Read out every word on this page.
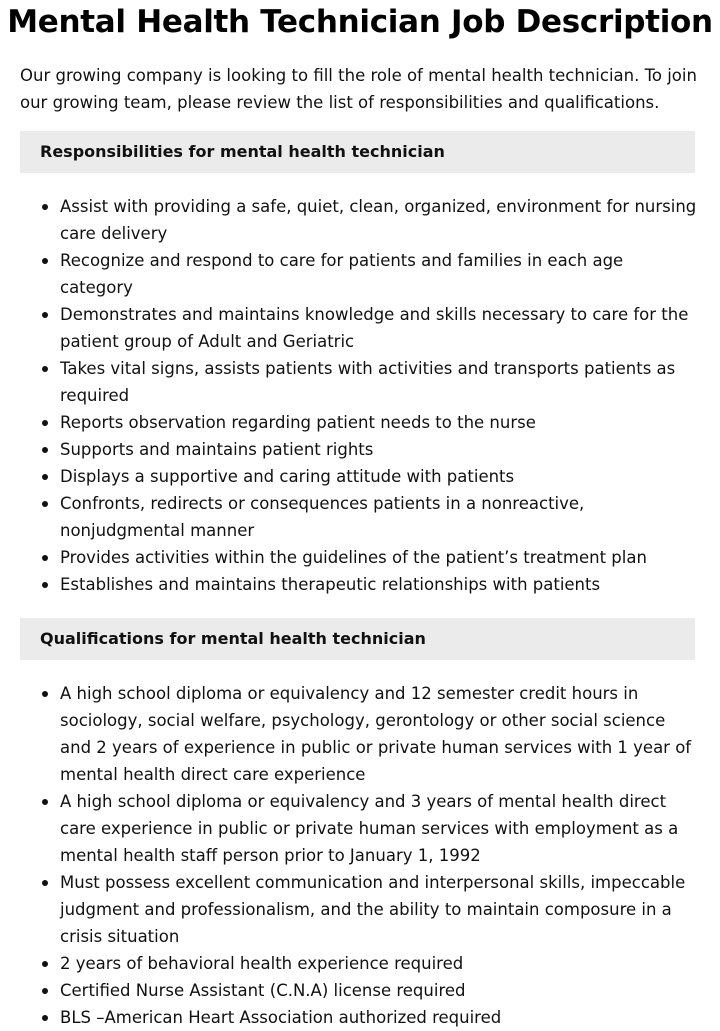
Mental Health Technician Job Description

Our growing company is looking to fill the role of mental health technician. To join our growing team, please review the list of responsibilities and qualifications.

Responsibilities for mental health technician
Assist with providing a safe, quiet, clean, organized, environment for nursing care delivery
Recognize and respond to care for patients and families in each age category
Demonstrates and maintains knowledge and skills necessary to care for the patient group of Adult and Geriatric
Takes vital signs, assists patients with activities and transports patients as required
Reports observation regarding patient needs to the nurse
Supports and maintains patient rights
Displays a supportive and caring attitude with patients
Confronts, redirects or consequences patients in a nonreactive, nonjudgmental manner
Provides activities within the guidelines of the patient’s treatment plan
Establishes and maintains therapeutic relationships with patients
Qualifications for mental health technician
A high school diploma or equivalency and 12 semester credit hours in sociology, social welfare, psychology, gerontology or other social science and 2 years of experience in public or private human services with 1 year of mental health direct care experience
A high school diploma or equivalency and 3 years of mental health direct care experience in public or private human services with employment as a mental health staff person prior to January 1, 1992
Must possess excellent communication and interpersonal skills, impeccable judgment and professionalism, and the ability to maintain composure in a crisis situation
2 years of behavioral health experience required
Certified Nurse Assistant (C.N.A) license required
BLS –American Heart Association authorized required
